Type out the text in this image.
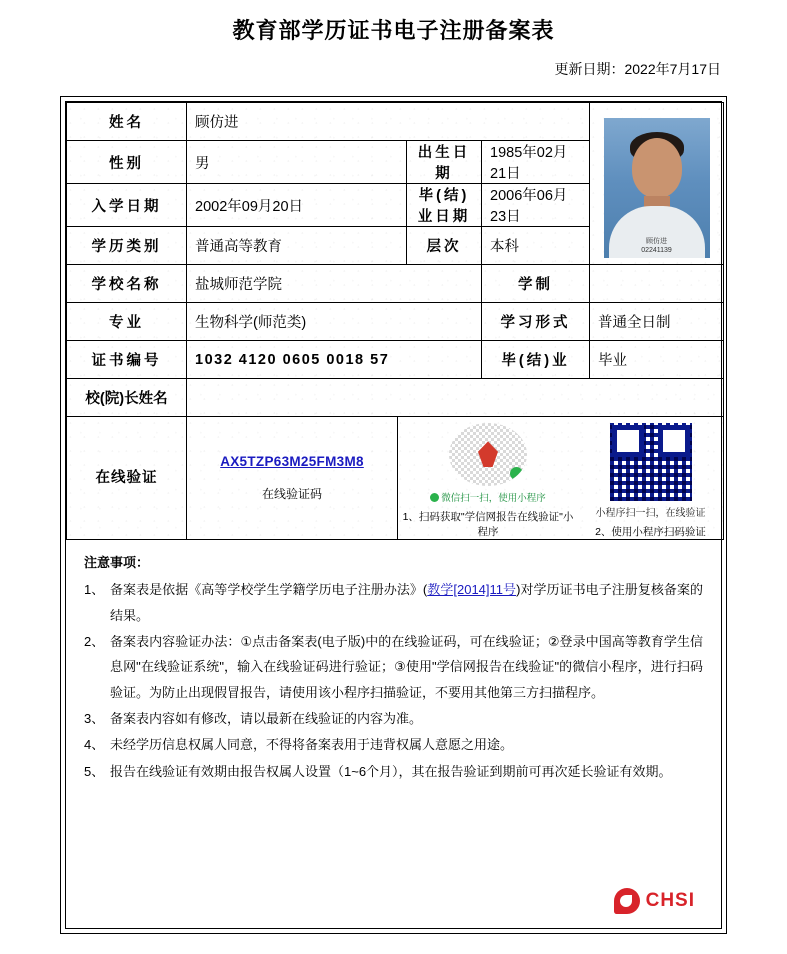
教育部学历证书电子注册备案表
更新日期：2022年7月17日
姓名	顾仿进			顾仿进
02241139

性别	男	出生日期	1985年02月21日	
入学日期	2002年09月20日	毕(结)业日期	2006年06月23日	
学历类别	普通高等教育	层次	本科	
学校名称	盐城师范学院		学制	
专业	生物科学(师范类)		学习形式	普通全日制
证书编号	1032 4120 0605 0018 57		毕(结)业	毕业
校(院)长姓名				
在线验证	
AX5TZP63M25FM3M8
在线验证码	微信扫一扫，使用小程序
1、扫码获取"学信网报告在线验证"小程序
小程序扫一扫，在线验证
2、使用小程序扫码验证
注意事项：
1、 备案表是依据《高等学校学生学籍学历电子注册办法》(教学[2014]11号)对学历证书电子注册复核备案的结果。
2、 备案表内容验证办法：①点击备案表(电子版)中的在线验证码，可在线验证；②登录中国高等教育学生信息网"在线验证系统"，输入在线验证码进行验证；③使用"学信网报告在线验证"的微信小程序，进行扫码验证。为防止出现假冒报告，请使用该小程序扫描验证，不要用其他第三方扫描程序。
3、 备案表内容如有修改，请以最新在线验证的内容为准。
4、 未经学历信息权属人同意，不得将备案表用于违背权属人意愿之用途。
5、 报告在线验证有效期由报告权属人设置（1~6个月），其在报告验证到期前可再次延长验证有效期。
CHSI
